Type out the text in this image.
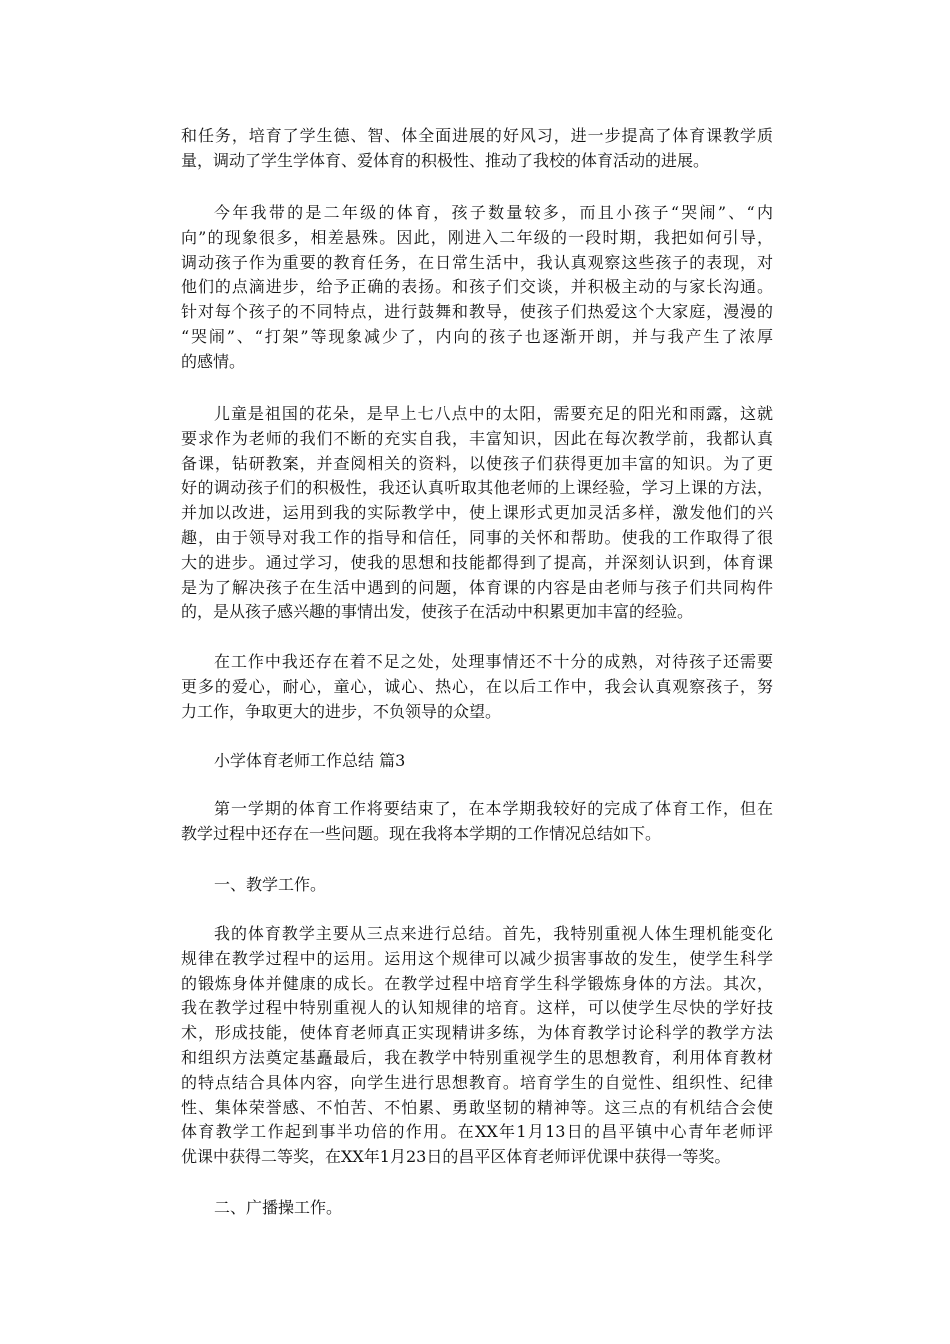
和任务，培育了学生德、智、体全面进展的好风习，进一步提高了体育课教学质
量，调动了学生学体育、爱体育的积极性、推动了我校的体育活动的进展。
今年我带的是二年级的体育，孩子数量较多，而且小孩子“哭闹”、“内
向”的现象很多，相差悬殊。因此，刚进入二年级的一段时期，我把如何引导，
调动孩子作为重要的教育任务，在日常生活中，我认真观察这些孩子的表现，对
他们的点滴进步，给予正确的表扬。和孩子们交谈，并积极主动的与家长沟通。
针对每个孩子的不同特点，进行鼓舞和教导，使孩子们热爱这个大家庭，漫漫的
“哭闹”、“打架”等现象减少了，内向的孩子也逐渐开朗，并与我产生了浓厚
的感情。
儿童是祖国的花朵，是早上七八点中的太阳，需要充足的阳光和雨露，这就
要求作为老师的我们不断的充实自我，丰富知识，因此在每次教学前，我都认真
备课，钻研教案，并查阅相关的资料，以使孩子们获得更加丰富的知识。为了更
好的调动孩子们的积极性，我还认真听取其他老师的上课经验，学习上课的方法，
并加以改进，运用到我的实际教学中，使上课形式更加灵活多样，激发他们的兴
趣，由于领导对我工作的指导和信任，同事的关怀和帮助。使我的工作取得了很
大的进步。通过学习，使我的思想和技能都得到了提高，并深刻认识到，体育课
是为了解决孩子在生活中遇到的问题，体育课的内容是由老师与孩子们共同构件
的，是从孩子感兴趣的事情出发，使孩子在活动中积累更加丰富的经验。
在工作中我还存在着不足之处，处理事情还不十分的成熟，对待孩子还需要
更多的爱心，耐心，童心，诚心、热心，在以后工作中，我会认真观察孩子，努
力工作，争取更大的进步，不负领导的众望。
小学体育老师工作总结 篇3
第一学期的体育工作将要结束了，在本学期我较好的完成了体育工作，但在
教学过程中还存在一些问题。现在我将本学期的工作情况总结如下。
一、教学工作。
我的体育教学主要从三点来进行总结。首先，我特别重视人体生理机能变化
规律在教学过程中的运用。运用这个规律可以减少损害事故的发生，使学生科学
的锻炼身体并健康的成长。在教学过程中培育学生科学锻炼身体的方法。其次，
我在教学过程中特别重视人的认知规律的培育。这样，可以使学生尽快的学好技
术，形成技能，使体育老师真正实现精讲多练，为体育教学讨论科学的教学方法
和组织方法奠定基矗最后，我在教学中特别重视学生的思想教育，利用体育教材
的特点结合具体内容，向学生进行思想教育。培育学生的自觉性、组织性、纪律
性、集体荣誉感、不怕苦、不怕累、勇敢坚韧的精神等。这三点的有机结合会使
体育教学工作起到事半功倍的作用。在XX年1月13日的昌平镇中心青年老师评
优课中获得二等奖，在XX年1月23日的昌平区体育老师评优课中获得一等奖。
二、广播操工作。
